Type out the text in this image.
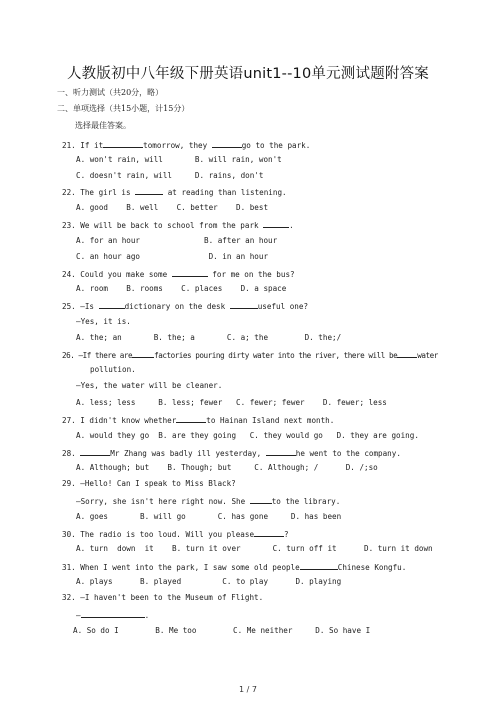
人教版初中八年级下册英语unit1--10单元测试题附答案
一、听力测试（共20分，略）
二、单项选择（共15小题，计15分）
选择最佳答案。
21. If it	tomorrow, they	go to the park.
A. won't rain, will       B. will rain, won't
C. doesn't rain, will     D. rains, don't
22. The girl is	at reading than listening.
A. good    B. well    C. better    D. best
23. We will be back to school from the park	.
A. for an hour              B. after an hour
C. an hour ago               D. in an hour
24. Could you make some	for me on the bus?
A. room    B. rooms    C. places    D. a space
25. —Is	dictionary on the desk	useful one?
—Yes, it is.
A. the; an       B. the; a       C. a; the        D. the;/
26. —If there are	factories pouring dirty water into the river, there will be	water
pollution.
—Yes, the water will be cleaner.
A. less; less     B. less; fewer   C. fewer; fewer    D. fewer; less
27. I didn't know whether	to Hainan Island next month.
A. would they go  B. are they going   C. they would go   D. they are going.
28.	Mr Zhang was badly ill yesterday,	he went to the company.
A. Although; but    B. Though; but     C. Although; /      D. /;so
29. —Hello! Can I speak to Miss Black?
—Sorry, she isn't here right now. She	to the library.
A. goes       B. will go       C. has gone     D. has been
30. The radio is too loud. Will you please	?
A. turn  down  it    B. turn it over       C. turn off it      D. turn it down
31. When I went into the park, I saw some old people	Chinese Kongfu.
A. plays      B. played         C. to play      D. playing
32. —I haven't been to the Museum of Flight.
—	.
A. So do I        B. Me too        C. Me neither     D. So have I
1 / 7
